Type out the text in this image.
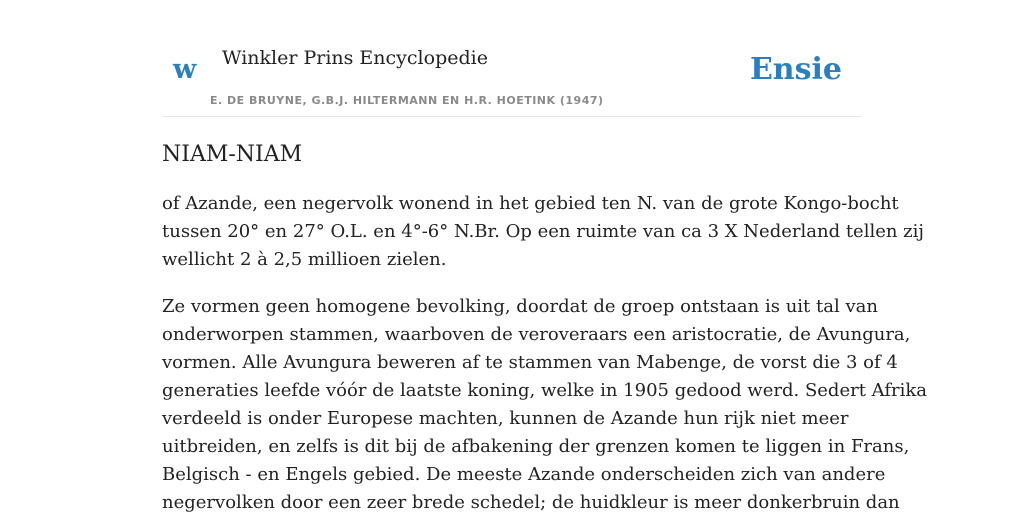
w Winkler Prins Encyclopedie
E. DE BRUYNE, G.B.J. HILTERMANN EN H.R. HOETINK (1947)
Ensie
NIAM-NIAM

of Azande, een negervolk wonend in het gebied ten N. van de grote Kongo-bocht
tussen 20° en 27° O.L. en 4°-6° N.Br. Op een ruimte van ca 3 X Nederland tellen zij
wellicht 2 à 2,5 millioen zielen.

Ze vormen geen homogene bevolking, doordat de groep ontstaan is uit tal van
onderworpen stammen, waarboven de veroveraars een aristocratie, de Avungura,
vormen. Alle Avungura beweren af te stammen van Mabenge, de vorst die 3 of 4
generaties leefde vóór de laatste koning, welke in 1905 gedood werd. Sedert Afrika
verdeeld is onder Europese machten, kunnen de Azande hun rijk niet meer
uitbreiden, en zelfs is dit bij de afbakening der grenzen komen te liggen in Frans,
Belgisch - en Engels gebied. De meeste Azande onderscheiden zich van andere
negervolken door een zeer brede schedel; de huidkleur is meer donkerbruin dan
